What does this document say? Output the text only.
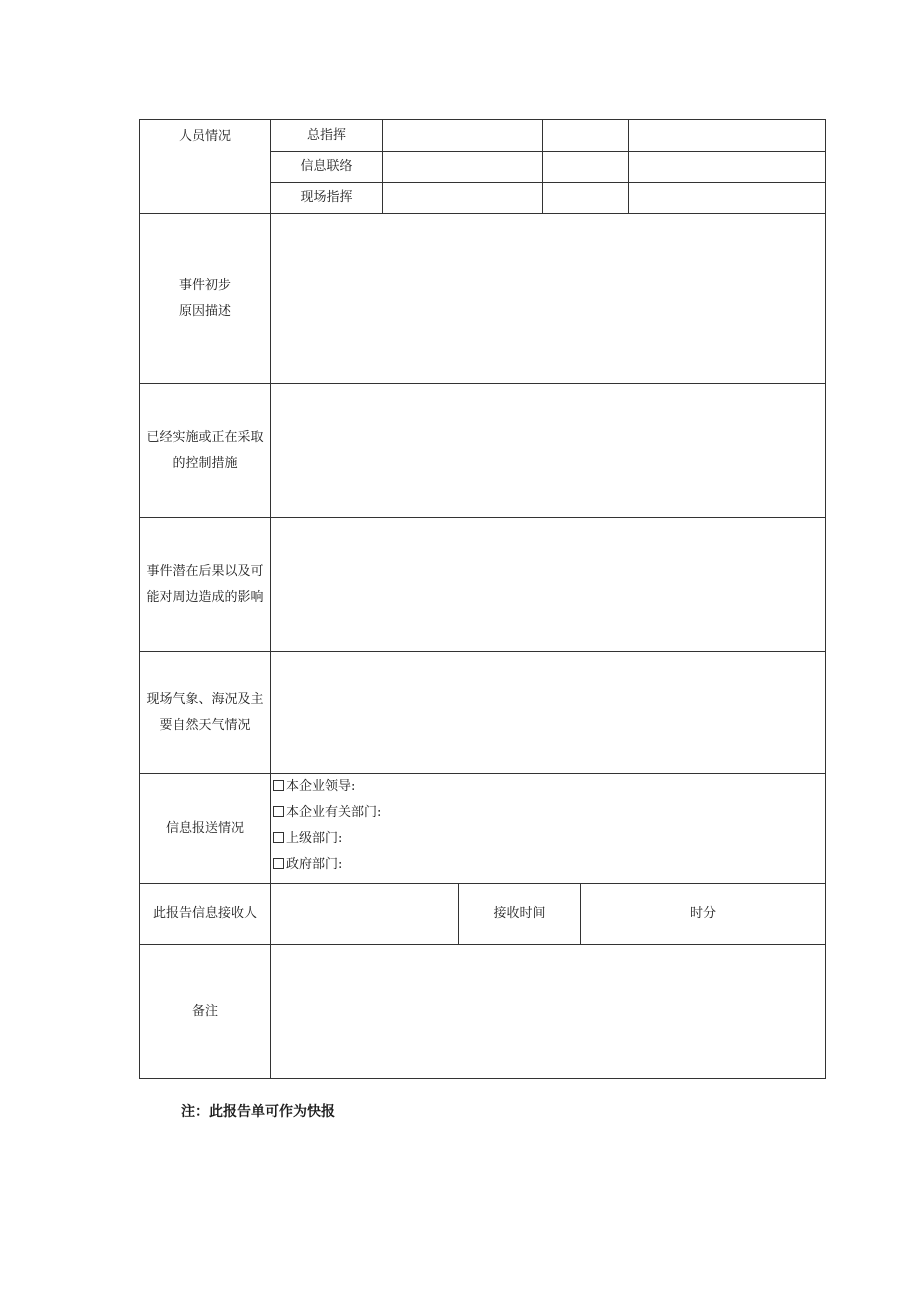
人员情况	总指挥					
	信息联络					
	现场指挥					

事件初步
原因描述						

已经实施或正在采取
的控制措施						

事件潜在后果以及可
能对周边造成的影响						

现场气象、海况及主
要自然天气情况						

信息报送情况	本企业领导:
本企业有关部门:
上级部门:
政府部门:					

此报告信息接收人			接收时间		时分	
备注						
注：此报告单可作为快报
